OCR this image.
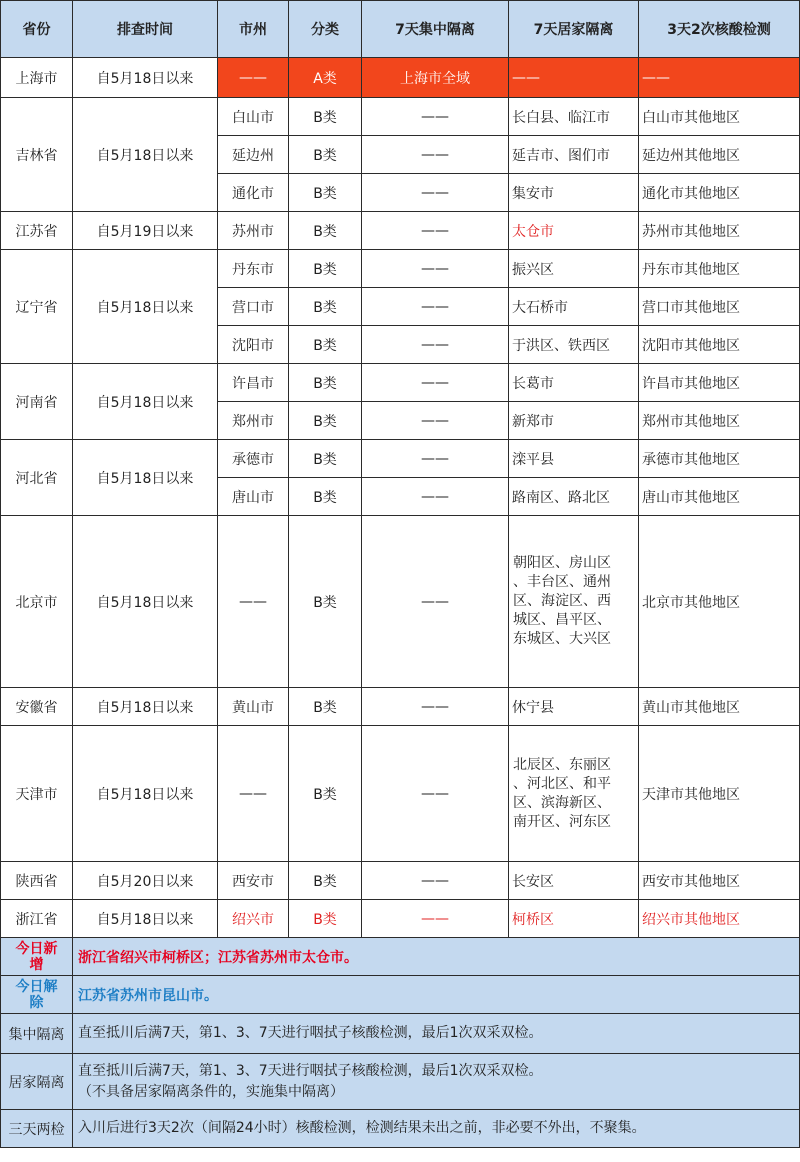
省份	排查时间	市州	分类	7天集中隔离	7天居家隔离	3天2次核酸检测
上海市	自5月18日以来	——	A类	上海市全域	——	——
吉林省	自5月18日以来	白山市	B类	——	长白县、临江市	白山市其他地区
		延边州	B类	——	延吉市、图们市	延边州其他地区
		通化市	B类	——	集安市	通化市其他地区
江苏省	自5月19日以来	苏州市	B类	——	太仓市	苏州市其他地区
辽宁省	自5月18日以来	丹东市	B类	——	振兴区	丹东市其他地区
		营口市	B类	——	大石桥市	营口市其他地区
		沈阳市	B类	——	于洪区、铁西区	沈阳市其他地区
河南省	自5月18日以来	许昌市	B类	——	长葛市	许昌市其他地区
		郑州市	B类	——	新郑市	郑州市其他地区
河北省	自5月18日以来	承德市	B类	——	滦平县	承德市其他地区
		唐山市	B类	——	路南区、路北区	唐山市其他地区
北京市	自5月18日以来	——	B类	——	朝阳区、房山区
、丰台区、通州
区、海淀区、西
城区、昌平区、
东城区、大兴区	北京市其他地区
安徽省	自5月18日以来	黄山市	B类	——	休宁县	黄山市其他地区
天津市	自5月18日以来	——	B类	——	北辰区、东丽区
、河北区、和平
区、滨海新区、
南开区、河东区	天津市其他地区
陕西省	自5月20日以来	西安市	B类	——	长安区	西安市其他地区
浙江省	自5月18日以来	绍兴市	B类	——	柯桥区	绍兴市其他地区

今日新
增	浙江省绍兴市柯桥区；江苏省苏州市太仓市。					

今日解
除	江苏省苏州市昆山市。					
集中隔离	直至抵川后满7天，第1、3、7天进行咽拭子核酸检测，最后1次双采双检。					

居家隔离	直至抵川后满7天，第1、3、7天进行咽拭子核酸检测，最后1次双采双检。
（不具备居家隔离条件的，实施集中隔离）					

三天两检	入川后进行3天2次（间隔24小时）核酸检测，检测结果未出之前，非必要不外出，不聚集。					
